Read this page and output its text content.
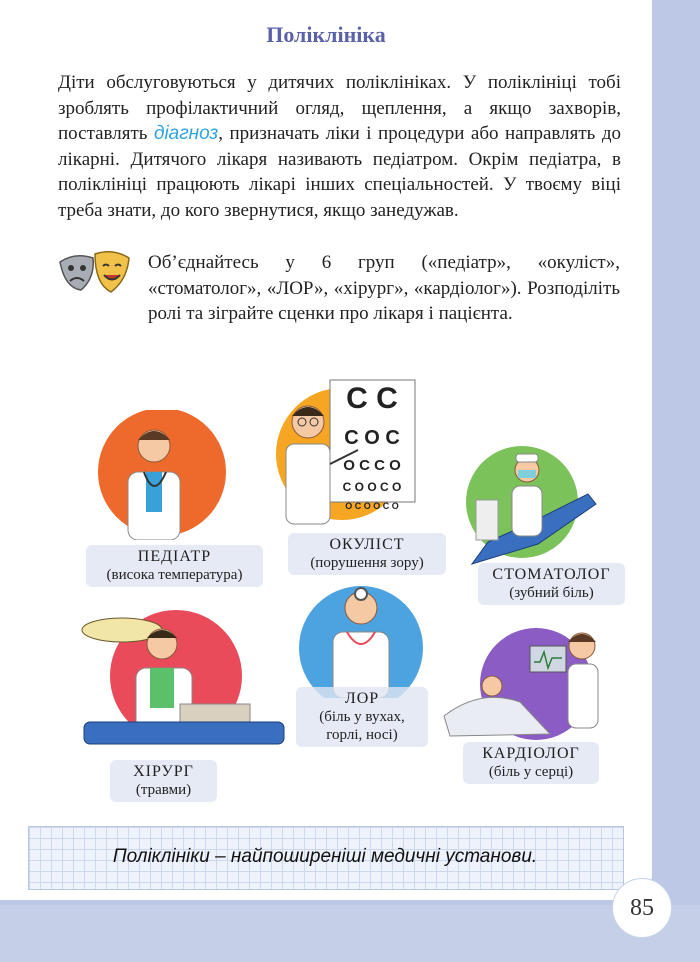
Поліклініка
Діти обслуговуються у дитячих поліклініках. У поліклініці тобі зроблять профілактичний огляд, щеплення, а якщо захворів, поставлять діагноз, призначать ліки і процедури або направлять до лікарні. Дитячого лікаря називають педіатром. Окрім педіатра, в поліклініці працюють лікарі інших спеціальностей. У твоєму віці треба знати, до кого звернутися, якщо занедужав.
Об’єднайтесь у 6 груп («педіатр», «окуліст», «стоматолог», «ЛОР», «хірург», «кардіолог»). Розподіліть ролі та зіграйте сценки про лікаря і пацієнта.
ПЕДІАТР
(висока температура)
C C
C O C
O C C O
C O O C O
O C O O C O
ОКУЛІСТ
(порушення зору)
СТОМАТОЛОГ
(зубний біль)
ХІРУРГ
(травми)
ЛОР
(біль у вухах, горлі, носі)
КАРДІОЛОГ
(біль у серці)
Поліклініки – найпоширеніші медичні установи.
85
